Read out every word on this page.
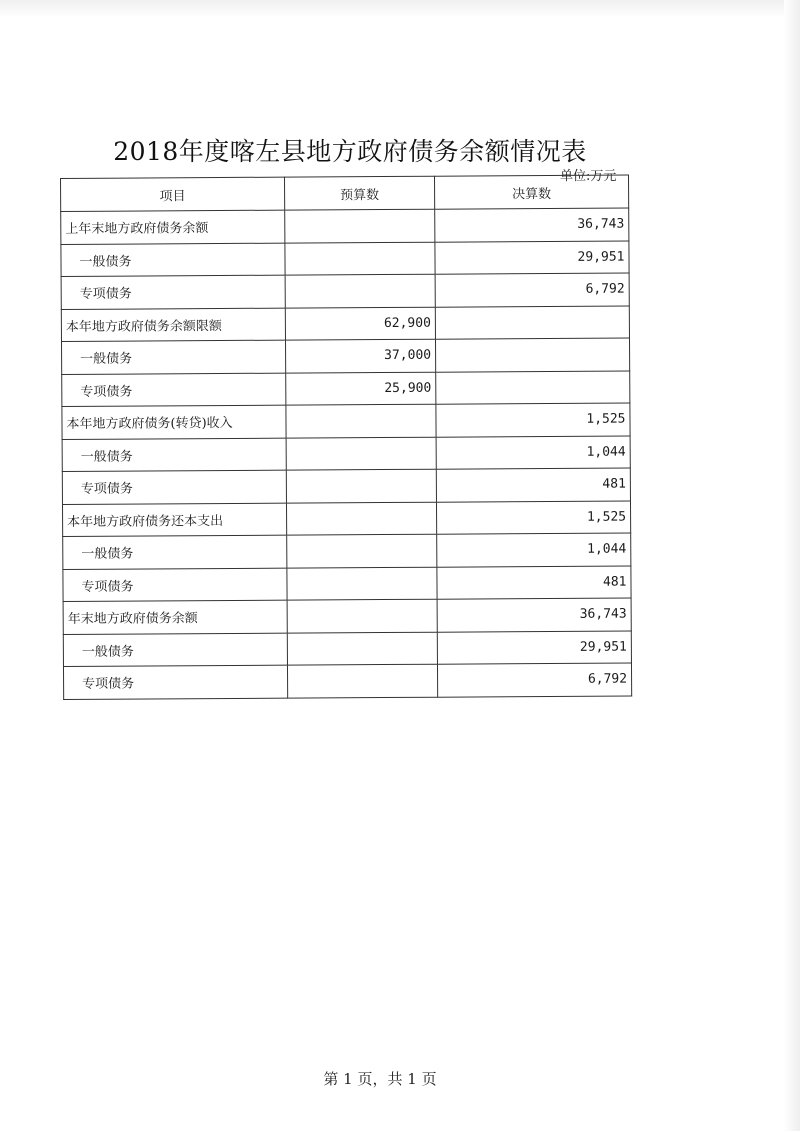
2018年度喀左县地方政府债务余额情况表
单位:万元
项目	预算数	决算数
上年末地方政府债务余额		36,743
一般债务		29,951
专项债务		6,792
本年地方政府债务余额限额	62,900	
一般债务	37,000	
专项债务	25,900	
本年地方政府债务(转贷)收入		1,525
一般债务		1,044
专项债务		481
本年地方政府债务还本支出		1,525
一般债务		1,044
专项债务		481
年末地方政府债务余额		36,743
一般债务		29,951
专项债务		6,792
第 1 页，共 1 页
